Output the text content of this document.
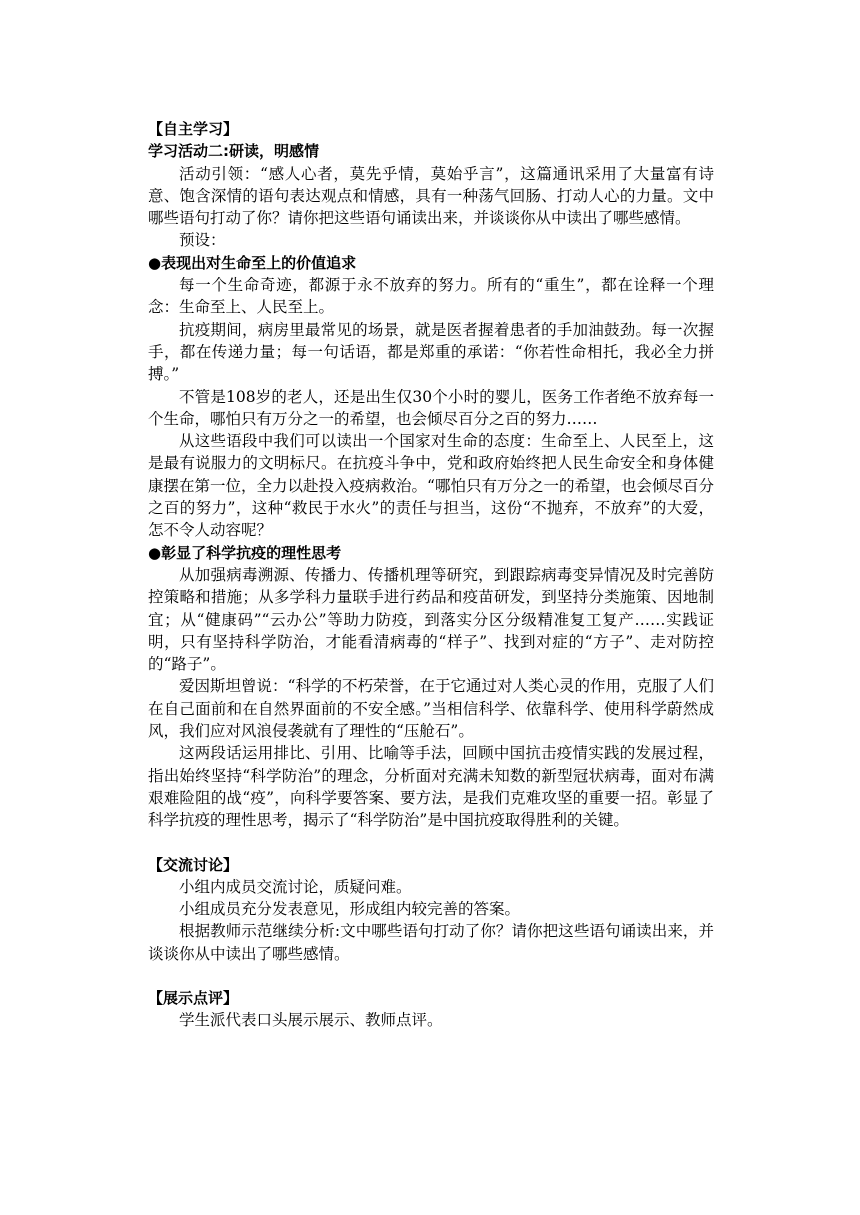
【自主学习】

学习活动二:研读，明感情

活动引领：“感人心者，莫先乎情，莫始乎言”，这篇通讯采用了大量富有诗意、饱含深情的语句表达观点和情感，具有一种荡气回肠、打动人心的力量。文中哪些语句打动了你？请你把这些语句诵读出来，并谈谈你从中读出了哪些感情。

预设：

●表现出对生命至上的价值追求

每一个生命奇迹，都源于永不放弃的努力。所有的“重生”，都在诠释一个理念：生命至上、人民至上。

抗疫期间，病房里最常见的场景，就是医者握着患者的手加油鼓劲。每一次握手，都在传递力量；每一句话语，都是郑重的承诺：“你若性命相托，我必全力拼搏。”

不管是108岁的老人，还是出生仅30个小时的婴儿，医务工作者绝不放弃每一个生命，哪怕只有万分之一的希望，也会倾尽百分之百的努力……

从这些语段中我们可以读出一个国家对生命的态度：生命至上、人民至上，这是最有说服力的文明标尺。在抗疫斗争中，党和政府始终把人民生命安全和身体健康摆在第一位，全力以赴投入疫病救治。“哪怕只有万分之一的希望，也会倾尽百分之百的努力”，这种“救民于水火”的责任与担当，这份“不抛弃，不放弃”的大爱，怎不令人动容呢？

●彰显了科学抗疫的理性思考

从加强病毒溯源、传播力、传播机理等研究，到跟踪病毒变异情况及时完善防控策略和措施；从多学科力量联手进行药品和疫苗研发，到坚持分类施策、因地制宜；从“健康码”“云办公”等助力防疫，到落实分区分级精准复工复产……实践证明，只有坚持科学防治，才能看清病毒的“样子”、找到对症的“方子”、走对防控的“路子”。

爱因斯坦曾说：“科学的不朽荣誉，在于它通过对人类心灵的作用，克服了人们在自己面前和在自然界面前的不安全感。”当相信科学、依靠科学、使用科学蔚然成风，我们应对风浪侵袭就有了理性的“压舱石”。

这两段话运用排比、引用、比喻等手法，回顾中国抗击疫情实践的发展过程，指出始终坚持“科学防治”的理念，分析面对充满未知数的新型冠状病毒，面对布满艰难险阻的战“疫”，向科学要答案、要方法，是我们克难攻坚的重要一招。彰显了科学抗疫的理性思考，揭示了“科学防治”是中国抗疫取得胜利的关键。

【交流讨论】

小组内成员交流讨论，质疑问难。

小组成员充分发表意见，形成组内较完善的答案。

根据教师示范继续分析:文中哪些语句打动了你？请你把这些语句诵读出来，并谈谈你从中读出了哪些感情。

【展示点评】

学生派代表口头展示展示、教师点评。
